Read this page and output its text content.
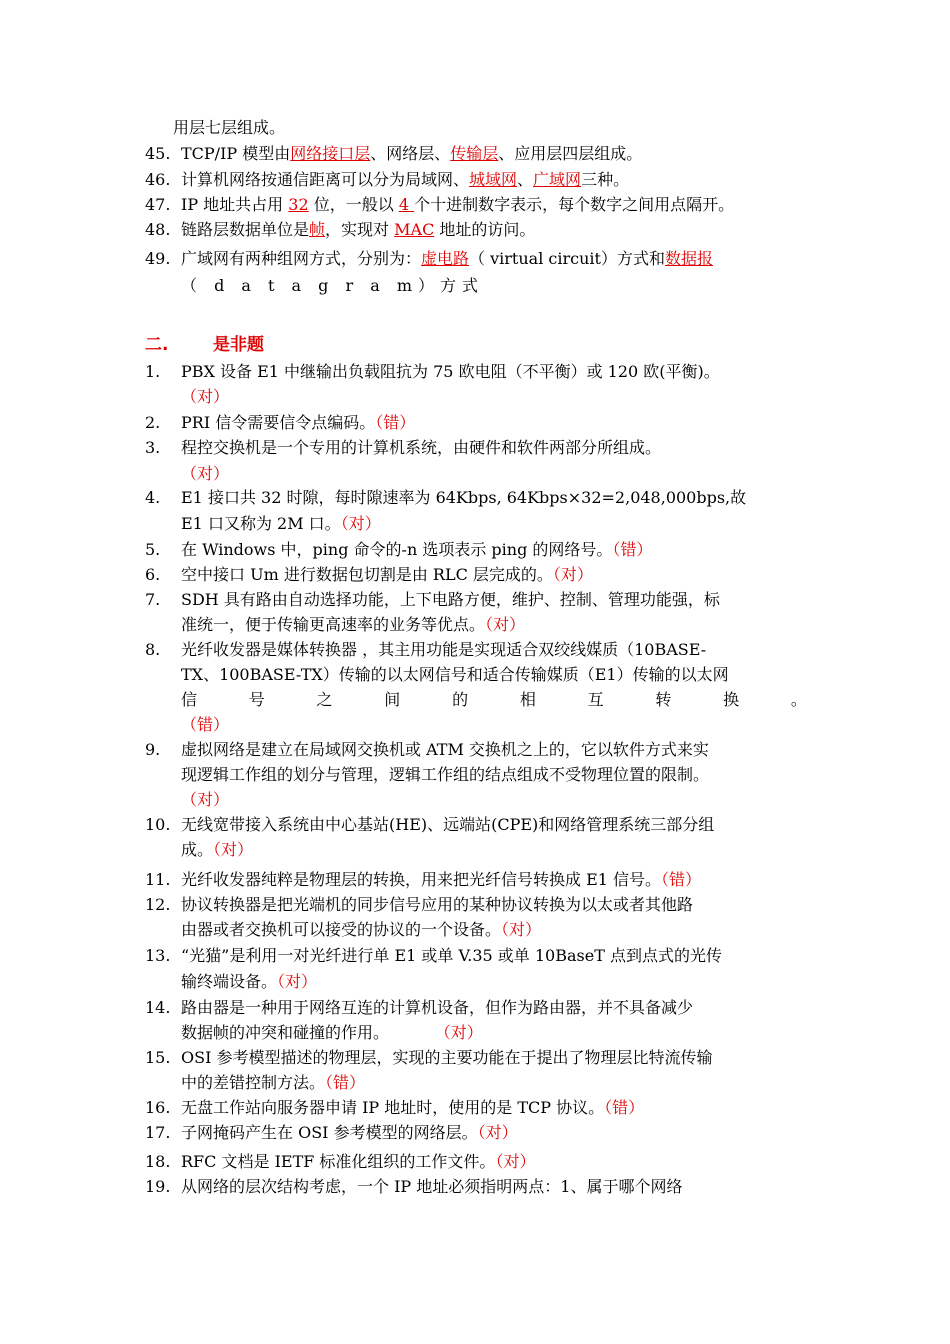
用层七层组成。
45. TCP/IP 模型由网络接口层、网络层、传输层、应用层四层组成。
46. 计算机网络按通信距离可以分为局域网、城域网、广域网三种。
47. IP 地址共占用 32 位，一般以 4 个十进制数字表示，每个数字之间用点隔开。
48. 链路层数据单位是帧，实现对 MAC 地址的访问。
49. 广域网有两种组网方式，分别为：虚电路（ virtual circuit）方式和数据报
（ d a t a g r a m）方式
二.	是非题
1. PBX 设备 E1 中继输出负载阻抗为 75 欧电阻（不平衡）或 120 欧(平衡)。
（对）
2. PRI 信令需要信令点编码。（错）
3. 程控交换机是一个专用的计算机系统，由硬件和软件两部分所组成。
（对）
4. E1 接口共 32 时隙，每时隙速率为 64Kbps, 64Kbps×32=2,048,000bps,故
E1 口又称为 2M 口。（对）
5. 在 Windows 中，ping 命令的-n 选项表示 ping 的网络号。（错）
6. 空中接口 Um 进行数据包切割是由 RLC 层完成的。（对）
7. SDH 具有路由自动选择功能，上下电路方便，维护、控制、管理功能强，标
准统一，便于传输更高速率的业务等优点。（对）
8. 光纤收发器是媒体转换器 ，其主用功能是实现适合双绞线媒质（10BASE-
TX、100BASE-TX）传输的以太网信号和适合传输媒质（E1）传输的以太网
信	号	之	间	的	相	互	转	换	。
（错）
9. 虚拟网络是建立在局域网交换机或 ATM 交换机之上的，它以软件方式来实
现逻辑工作组的划分与管理，逻辑工作组的结点组成不受物理位置的限制。
（对）
10. 无线宽带接入系统由中心基站(HE)、远端站(CPE)和网络管理系统三部分组
成。（对）
11. 光纤收发器纯粹是物理层的转换，用来把光纤信号转换成 E1 信号。（错）
12. 协议转换器是把光端机的同步信号应用的某种协议转换为以太或者其他路
由器或者交换机可以接受的协议的一个设备。（对）
13. “光猫”是利用一对光纤进行单 E1 或单 V.35 或单 10BaseT 点到点式的光传
输终端设备。（对）
14. 路由器是一种用于网络互连的计算机设备，但作为路由器，并不具备减少
数据帧的冲突和碰撞的作用。         （对）
15. OSI 参考模型描述的物理层，实现的主要功能在于提出了物理层比特流传输
中的差错控制方法。（错）
16. 无盘工作站向服务器申请 IP 地址时，使用的是 TCP 协议。（错）
17. 子网掩码产生在 OSI 参考模型的网络层。（对）
18. RFC 文档是 IETF 标准化组织的工作文件。（对）
19. 从网络的层次结构考虑，一个 IP 地址必须指明两点：1、属于哪个网络
